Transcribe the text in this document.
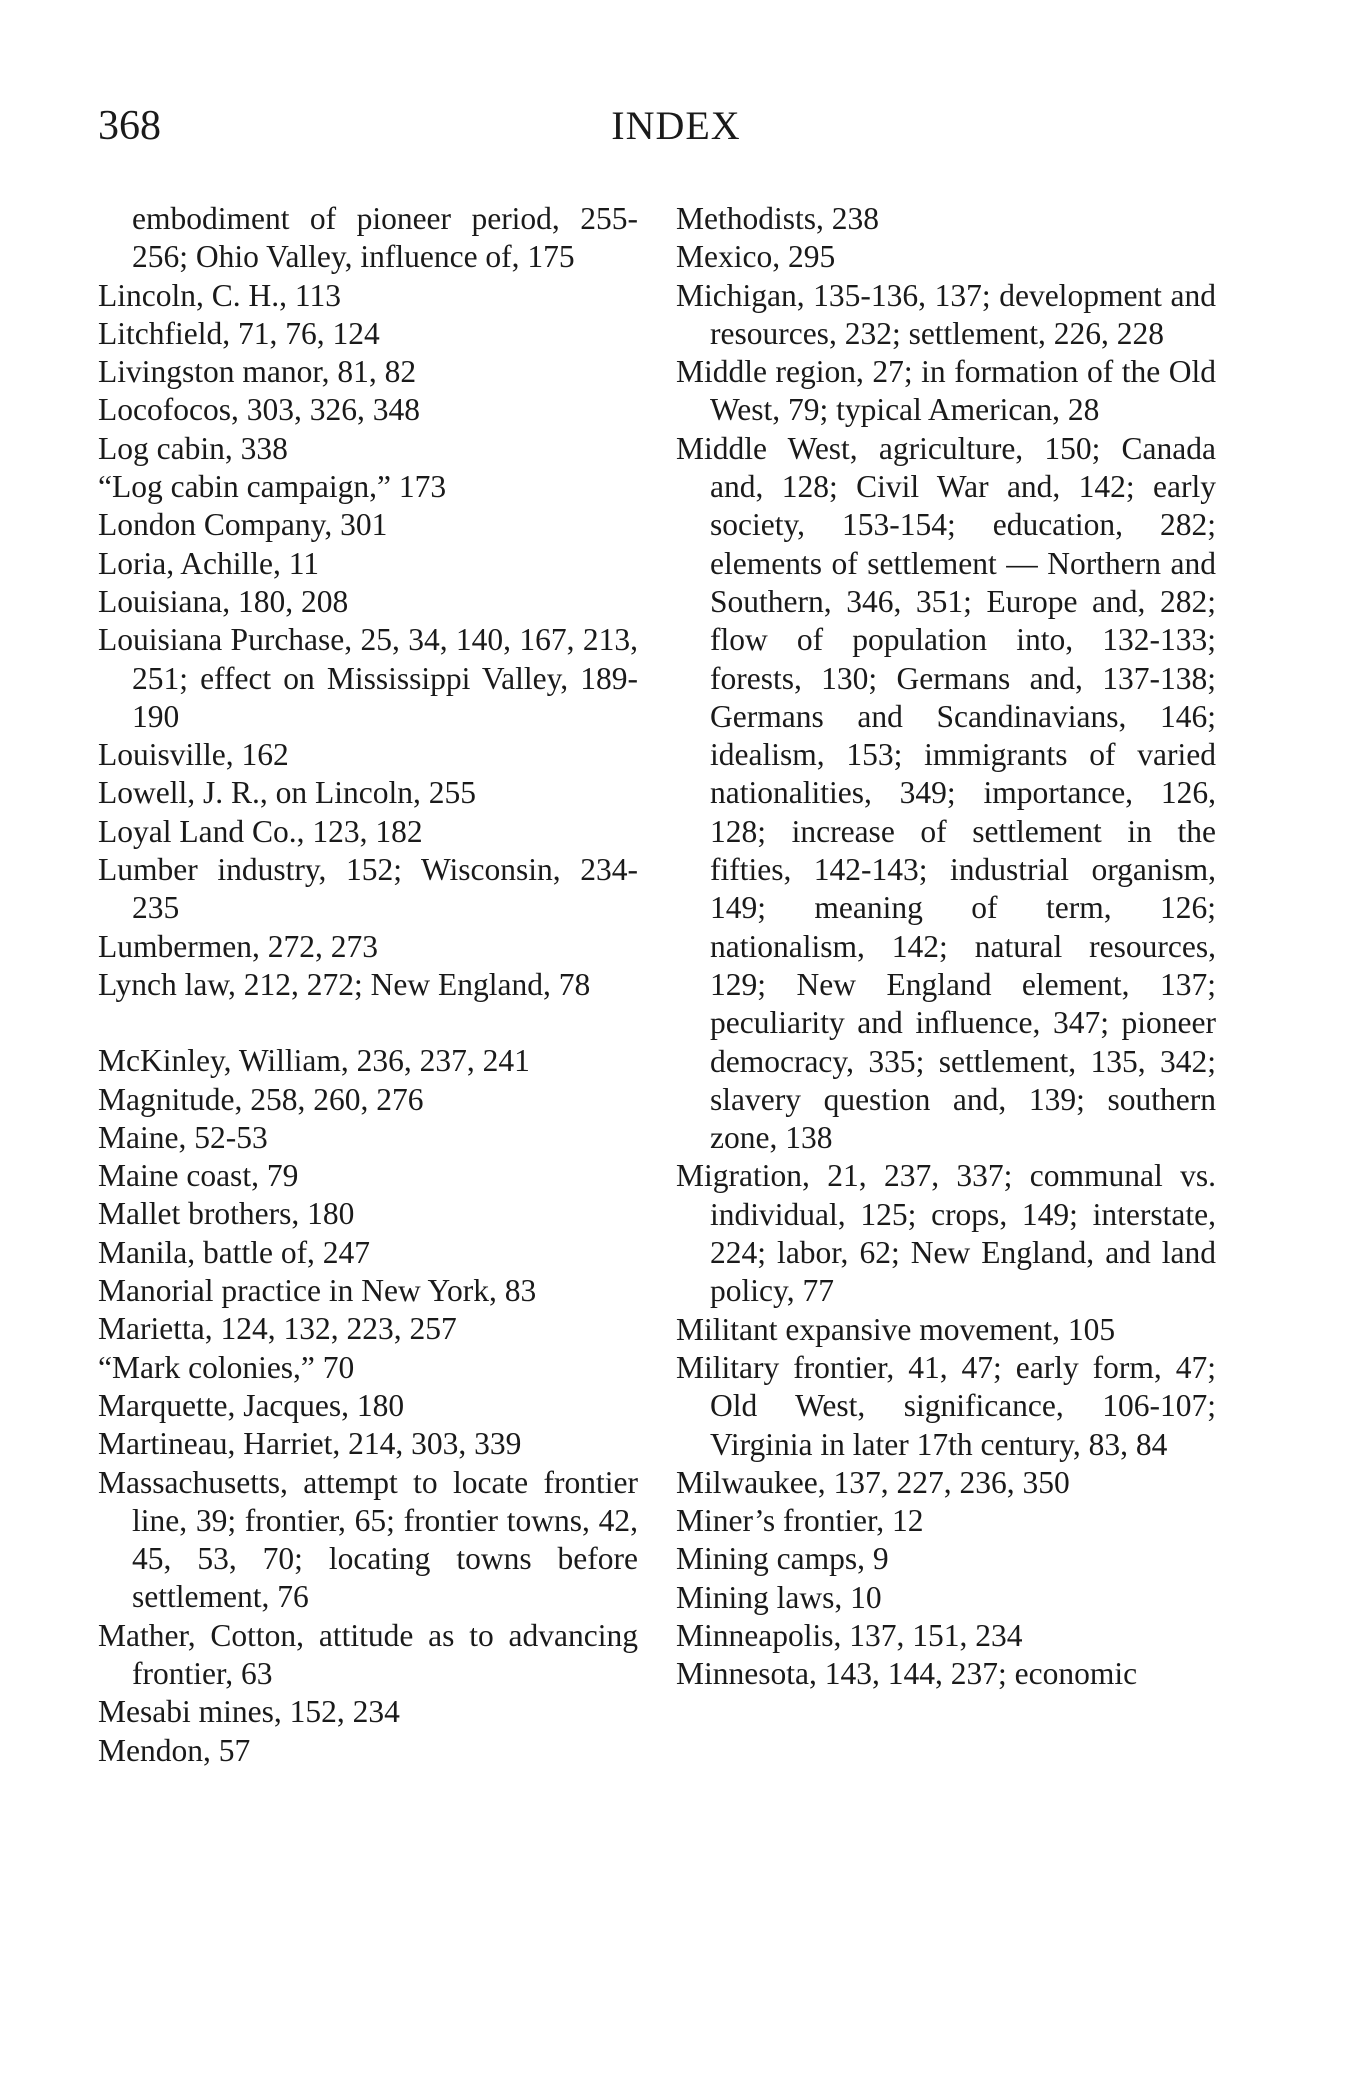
368	INDEX
embodiment of pioneer period, 255-256; Ohio Valley, influence of, 175
Lincoln, C. H., 113
Litchfield, 71, 76, 124
Livingston manor, 81, 82
Locofocos, 303, 326, 348
Log cabin, 338
“Log cabin campaign,” 173
London Company, 301
Loria, Achille, 11
Louisiana, 180, 208
Louisiana Purchase, 25, 34, 140, 167, 213, 251; effect on Mississippi Valley, 189-190
Louisville, 162
Lowell, J. R., on Lincoln, 255
Loyal Land Co., 123, 182
Lumber industry, 152; Wisconsin, 234-235
Lumbermen, 272, 273
Lynch law, 212, 272; New England, 78
McKinley, William, 236, 237, 241
Magnitude, 258, 260, 276
Maine, 52-53
Maine coast, 79
Mallet brothers, 180
Manila, battle of, 247
Manorial practice in New York, 83
Marietta, 124, 132, 223, 257
“Mark colonies,” 70
Marquette, Jacques, 180
Martineau, Harriet, 214, 303, 339
Massachusetts, attempt to locate frontier line, 39; frontier, 65; frontier towns, 42, 45, 53, 70; locating towns before settlement, 76
Mather, Cotton, attitude as to advancing frontier, 63
Mesabi mines, 152, 234
Mendon, 57
Methodists, 238
Mexico, 295
Michigan, 135-136, 137; development and resources, 232; settlement, 226, 228
Middle region, 27; in formation of the Old West, 79; typical American, 28
Middle West, agriculture, 150; Canada and, 128; Civil War and, 142; early society, 153-154; education, 282; elements of settlement — Northern and Southern, 346, 351; Europe and, 282; flow of population into, 132-133; forests, 130; Germans and, 137-138; Germans and Scandinavians, 146; idealism, 153; immigrants of varied nationalities, 349; importance, 126, 128; increase of settlement in the fifties, 142-143; industrial organism, 149; meaning of term, 126; nationalism, 142; natural resources, 129; New England element, 137; peculiarity and influence, 347; pioneer democracy, 335; settlement, 135, 342; slavery question and, 139; southern zone, 138
Migration, 21, 237, 337; communal vs. individual, 125; crops, 149; interstate, 224; labor, 62; New England, and land policy, 77
Militant expansive movement, 105
Military frontier, 41, 47; early form, 47; Old West, significance, 106-107; Virginia in later 17th century, 83, 84
Milwaukee, 137, 227, 236, 350
Miner’s frontier, 12
Mining camps, 9
Mining laws, 10
Minneapolis, 137, 151, 234
Minnesota, 143, 144, 237; economic
